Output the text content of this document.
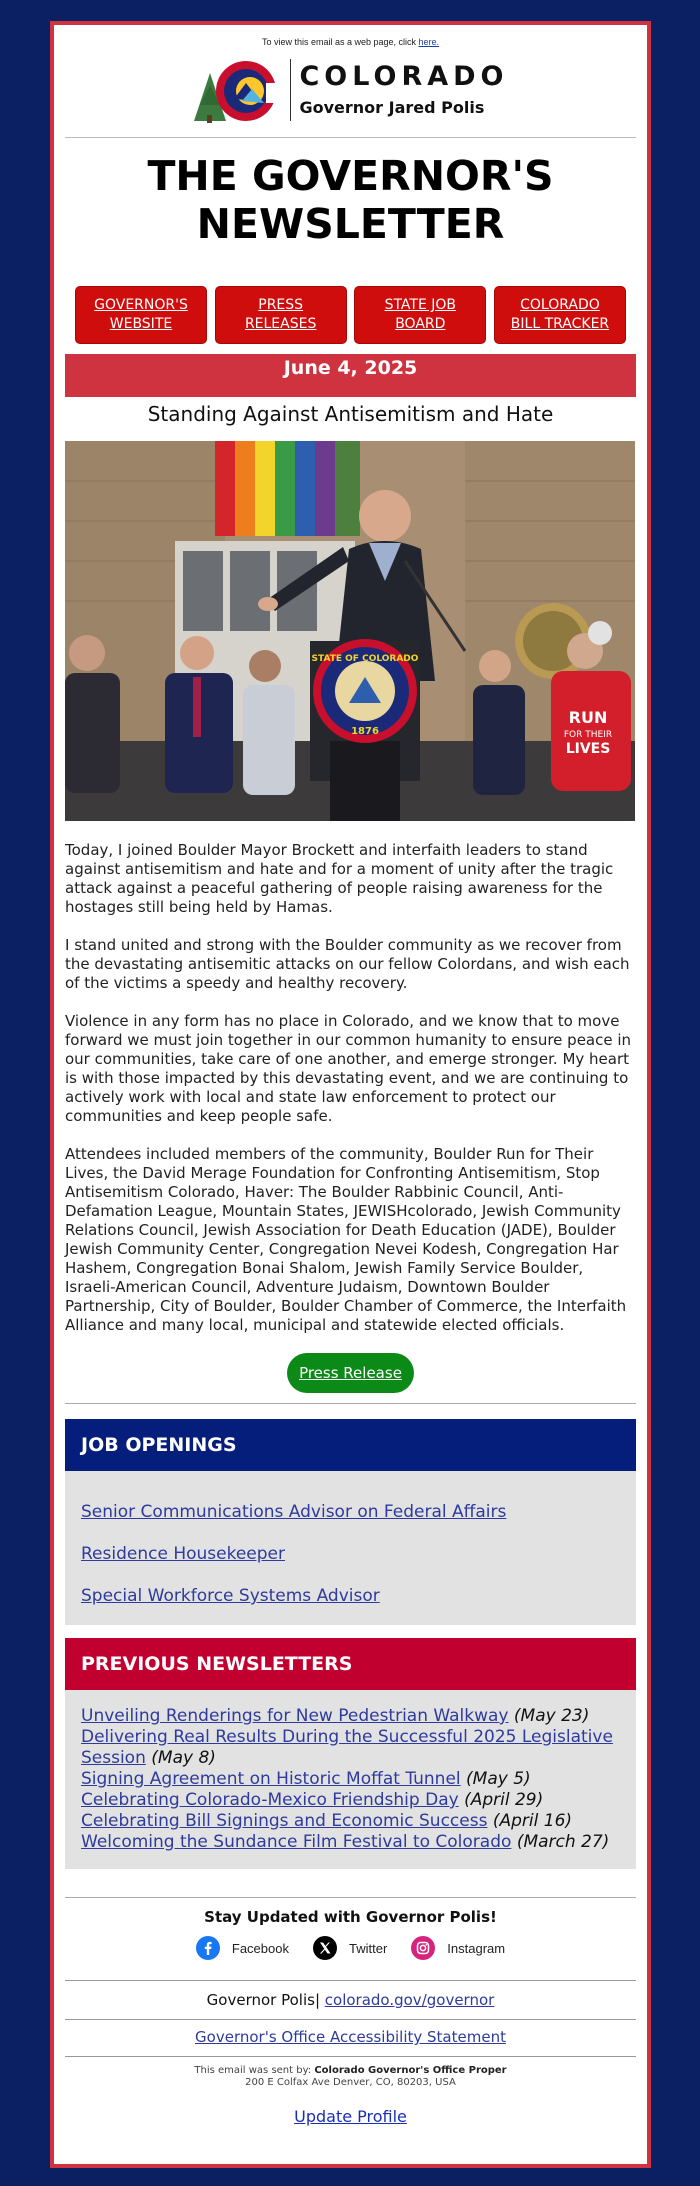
To view this email as a web page, click here.
COLORADO
Governor Jared Polis
THE GOVERNOR'S
NEWSLETTER
GOVERNOR'S
WEBSITE
PRESS
RELEASES
STATE JOB
BOARD
COLORADO
BILL TRACKER
June 4, 2025
Standing Against Antisemitism and Hate
RUN
FOR THEIR
LIVES
STATE OF COLORADO
1876

Today, I joined Boulder Mayor Brockett and interfaith leaders to stand against antisemitism and hate and for a moment of unity after the tragic attack against a peaceful gathering of people raising awareness for the hostages still being held by Hamas.

I stand united and strong with the Boulder community as we recover from the devastating antisemitic attacks on our fellow Colordans, and wish each of the victims a speedy and healthy recovery.

Violence in any form has no place in Colorado, and we know that to move forward we must join together in our common humanity to ensure peace in our communities, take care of one another, and emerge stronger. My heart is with those impacted by this devastating event, and we are continuing to actively work with local and state law enforcement to protect our communities and keep people safe.

Attendees included members of the community, Boulder Run for Their Lives, the David Merage Foundation for Confronting Antisemitism, Stop Antisemitism Colorado, Haver: The Boulder Rabbinic Council, Anti-Defamation League, Mountain States, JEWISHcolorado, Jewish Community Relations Council, Jewish Association for Death Education (JADE), Boulder Jewish Community Center, Congregation Nevei Kodesh, Congregation Har Hashem, Congregation Bonai Shalom, Jewish Family Service Boulder, Israeli-American Council, Adventure Judaism, Downtown Boulder Partnership, City of Boulder, Boulder Chamber of Commerce, the Interfaith Alliance and many local, municipal and statewide elected officials.

Press Release
JOB OPENINGS
Senior Communications Advisor on Federal Affairs
Residence Housekeeper
Special Workforce Systems Advisor
PREVIOUS NEWSLETTERS
Unveiling Renderings for New Pedestrian Walkway (May 23)
Delivering Real Results During the Successful 2025 Legislative Session (May 8)
Signing Agreement on Historic Moffat Tunnel (May 5)
Celebrating Colorado-Mexico Friendship Day (April 29)
Celebrating Bill Signings and Economic Success (April 16)
Welcoming the Sundance Film Festival to Colorado (March 27)
Stay Updated with Governor Polis!
Facebook	Twitter	Instagram
Governor Polis| colorado.gov/governor
Governor's Office Accessibility Statement
This email was sent by: Colorado Governor's Office Proper
200 E Colfax Ave Denver, CO, 80203, USA
Update Profile
